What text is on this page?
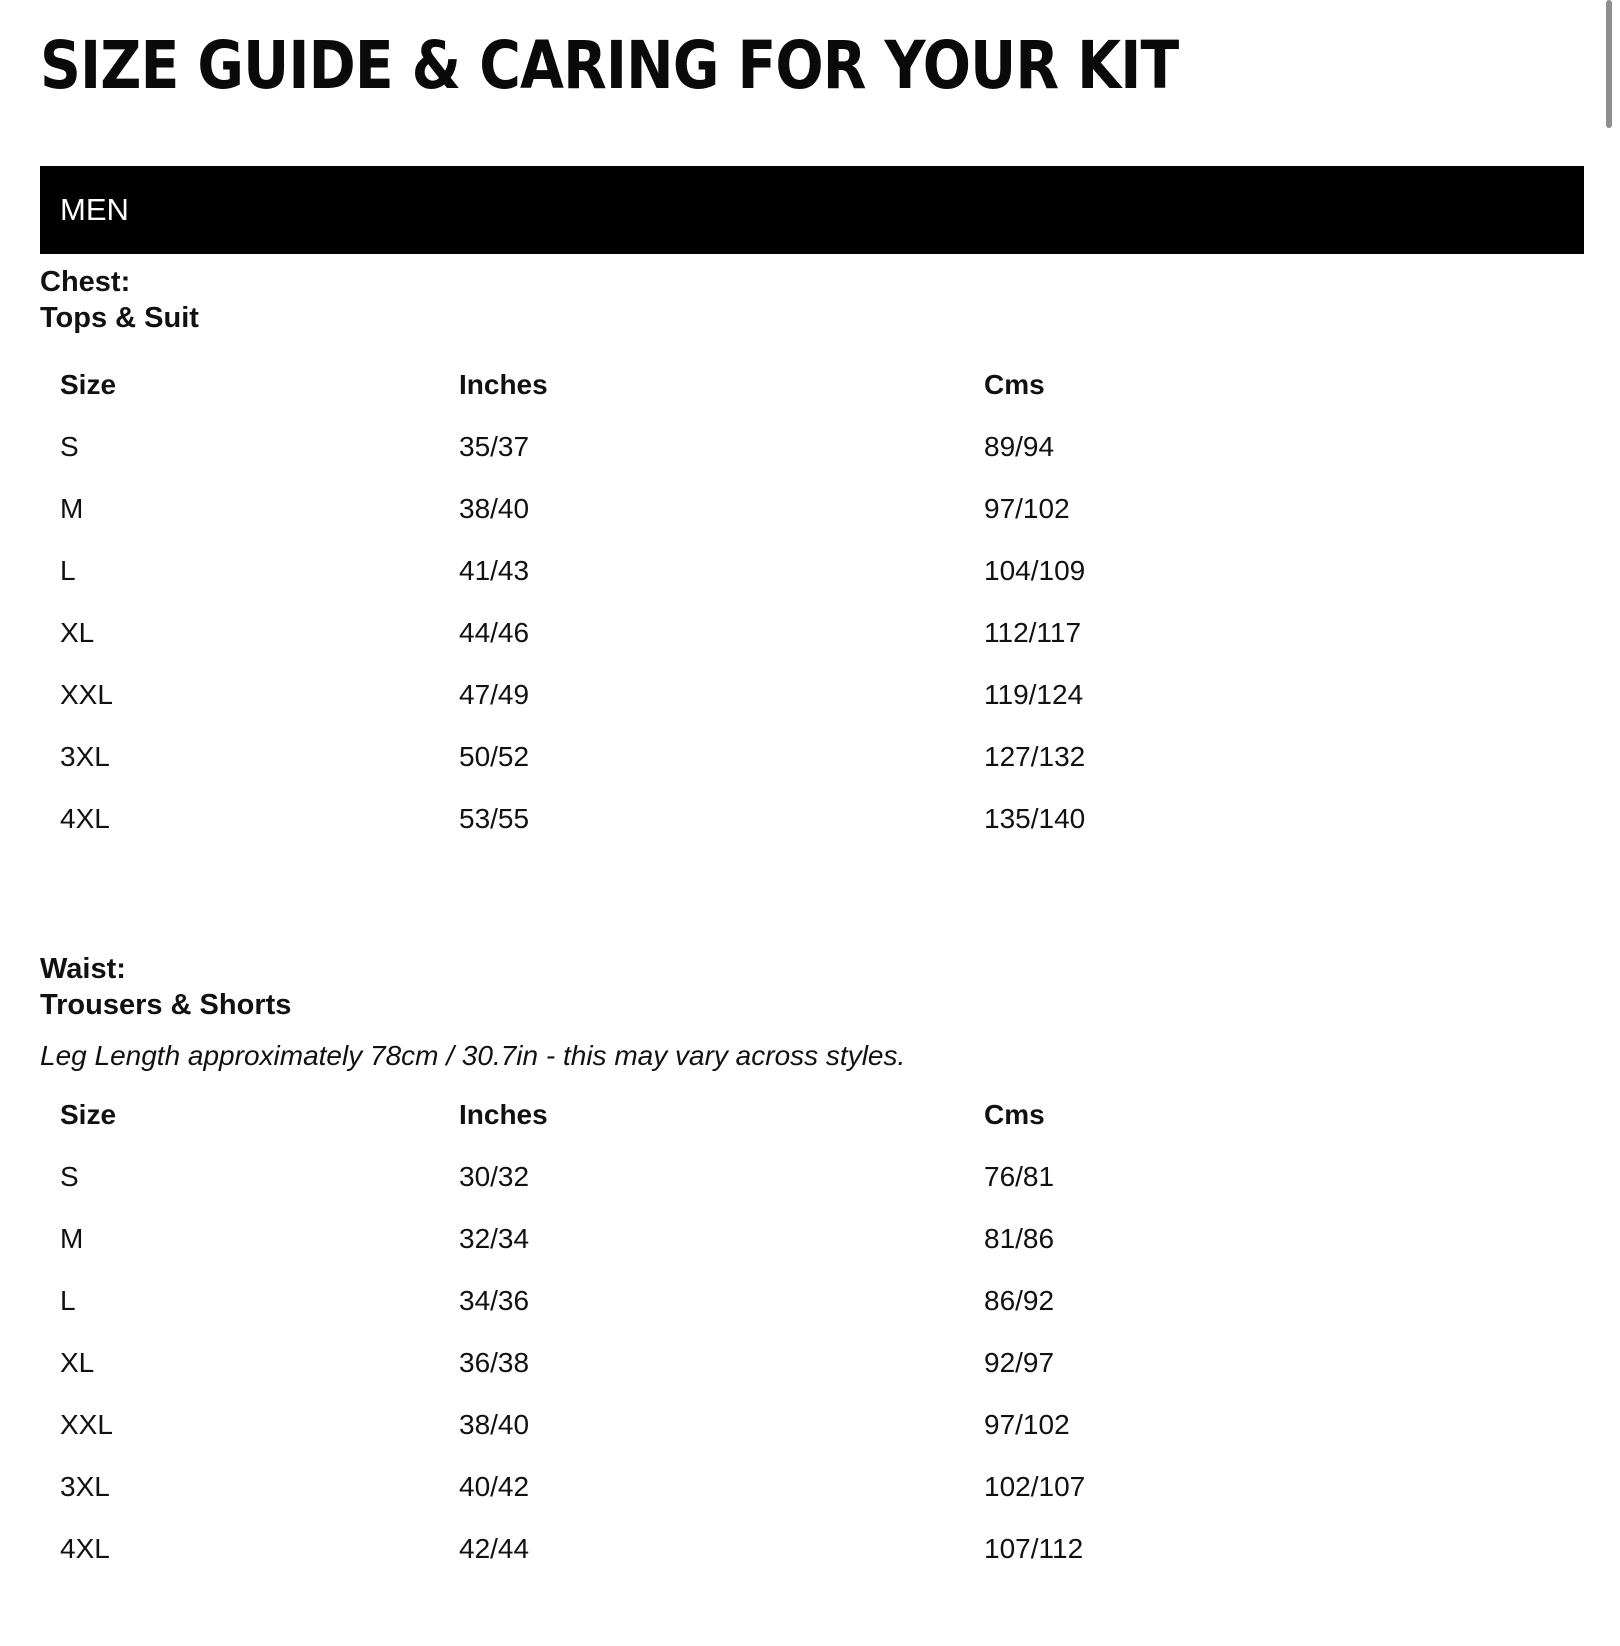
SIZE GUIDE & CARING FOR YOUR KIT
MEN
Chest:
Tops & Suit
Size	Inches	Cms
S	35/37	89/94
M	38/40	97/102
L	41/43	104/109
XL	44/46	112/117
XXL	47/49	119/124
3XL	50/52	127/132
4XL	53/55	135/140
Waist:
Trousers & Shorts
Leg Length approximately 78cm / 30.7in - this may vary across styles.
Size	Inches	Cms
S	30/32	76/81
M	32/34	81/86
L	34/36	86/92
XL	36/38	92/97
XXL	38/40	97/102
3XL	40/42	102/107
4XL	42/44	107/112
